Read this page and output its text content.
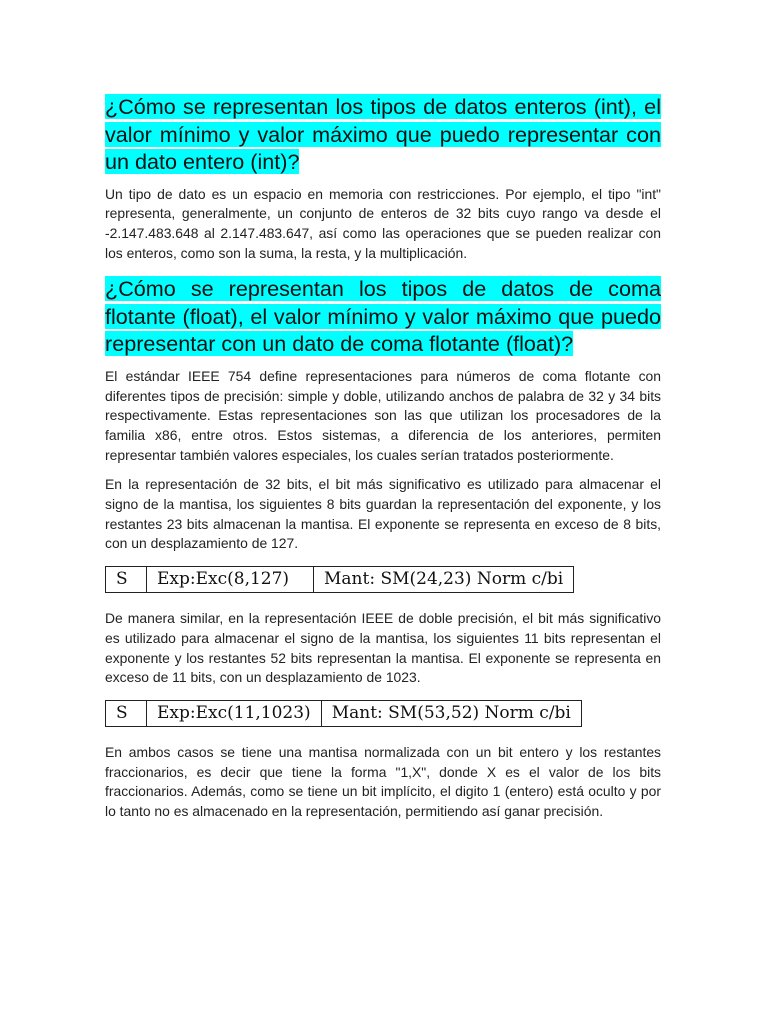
¿Cómo se representan los tipos de datos enteros (int), el valor mínimo y valor máximo que puedo representar con un dato entero (int)?

Un tipo de dato es un espacio en memoria con restricciones. Por ejemplo, el tipo "int" representa, generalmente, un conjunto de enteros de 32 bits cuyo rango va desde el -2.147.483.648 al 2.147.483.647, así como las operaciones que se pueden realizar con los enteros, como son la suma, la resta, y la multiplicación.

¿Cómo se representan los tipos de datos de coma flotante (float), el valor mínimo y valor máximo que puedo representar con un dato de coma flotante (float)?

El estándar IEEE 754 define representaciones para números de coma flotante con diferentes tipos de precisión: simple y doble, utilizando anchos de palabra de 32 y 34 bits respectivamente. Estas representaciones son las que utilizan los procesadores de la familia x86, entre otros. Estos sistemas, a diferencia de los anteriores, permiten representar también valores especiales, los cuales serían tratados posteriormente.

En la representación de 32 bits, el bit más significativo es utilizado para almacenar el signo de la mantisa, los siguientes 8 bits guardan la representación del exponente, y los restantes 23 bits almacenan la mantisa. El exponente se representa en exceso de 8 bits, con un desplazamiento de 127.

S	Exp:Exc(8,127)	Mant: SM(24,23) Norm c/bi

De manera similar, en la representación IEEE de doble precisión, el bit más significativo es utilizado para almacenar el signo de la mantisa, los siguientes 11 bits representan el exponente y los restantes 52 bits representan la mantisa. El exponente se representa en exceso de 11 bits, con un desplazamiento de 1023.

S	Exp:Exc(11,1023)	Mant: SM(53,52) Norm c/bi

En ambos casos se tiene una mantisa normalizada con un bit entero y los restantes fraccionarios, es decir que tiene la forma "1,X", donde X es el valor de los bits fraccionarios. Además, como se tiene un bit implícito, el digito 1 (entero) está oculto y por lo tanto no es almacenado en la representación, permitiendo así ganar precisión.
